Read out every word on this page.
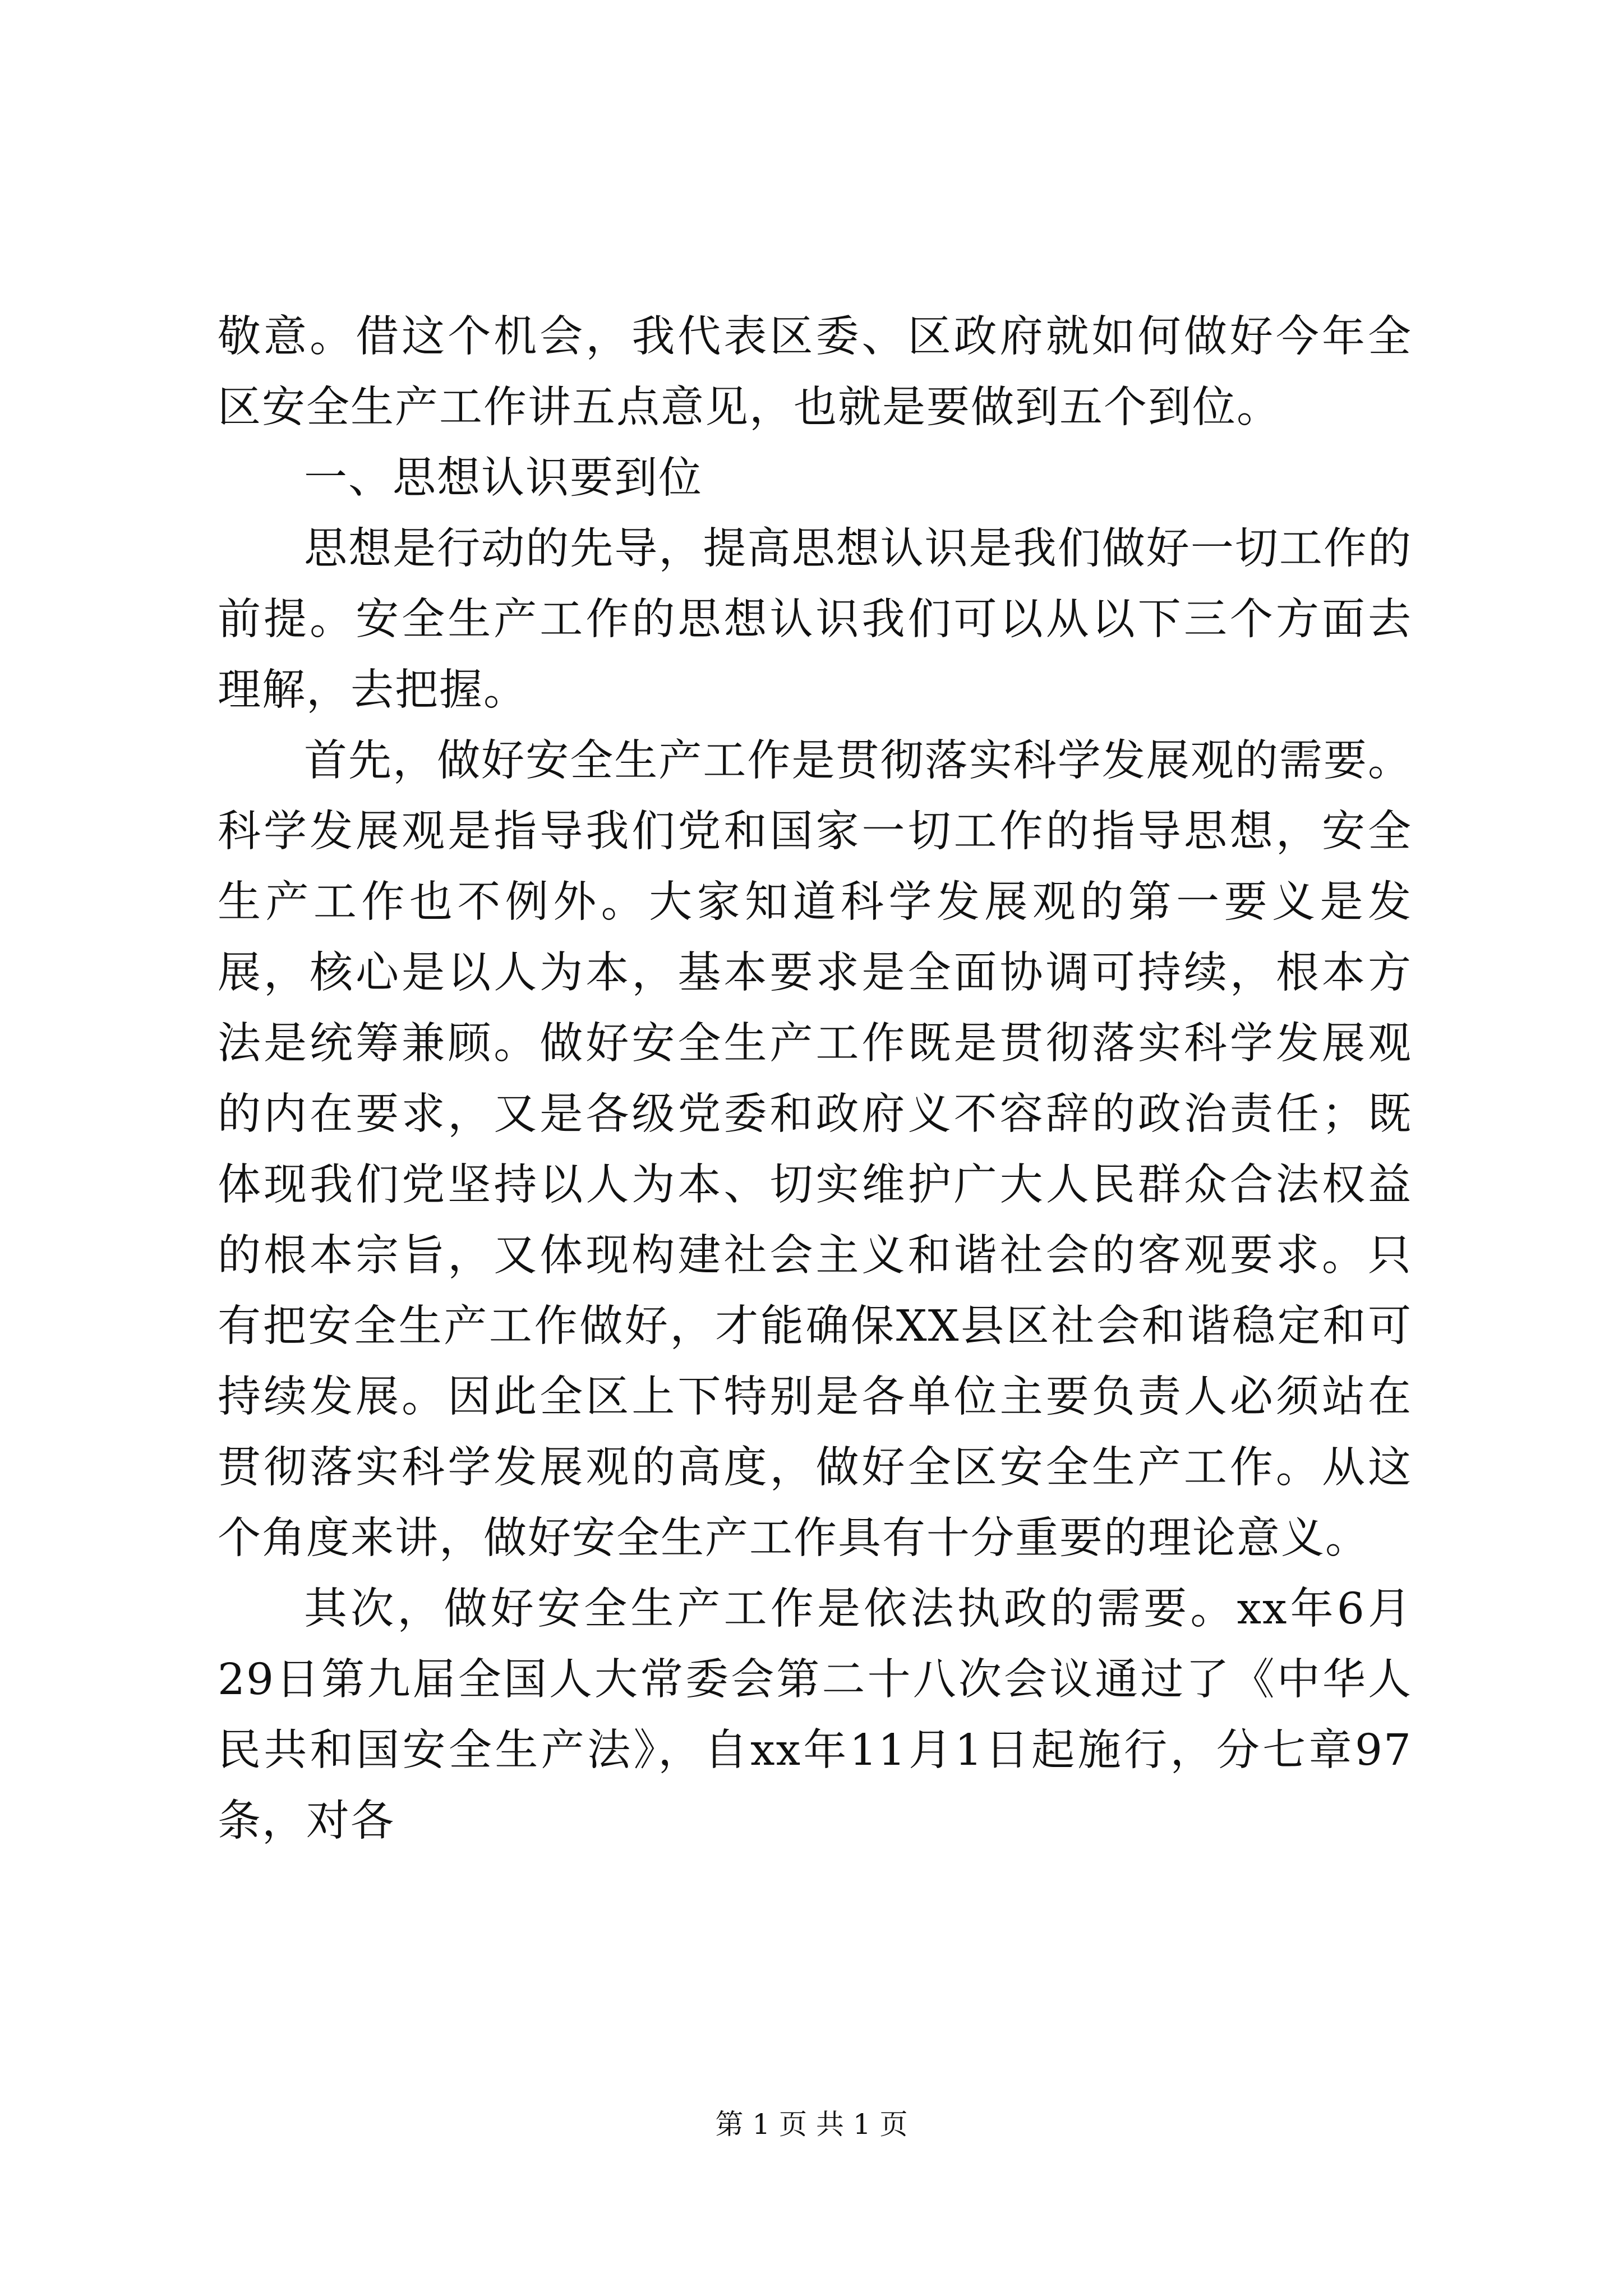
敬意。借这个机会，我代表区委、区政府就如何做好今年全区安全生产工作讲五点意见，也就是要做到五个到位。

一、思想认识要到位

思想是行动的先导，提高思想认识是我们做好一切工作的前提。安全生产工作的思想认识我们可以从以下三个方面去理解，去把握。

首先，做好安全生产工作是贯彻落实科学发展观的需要。科学发展观是指导我们党和国家一切工作的指导思想，安全生产工作也不例外。大家知道科学发展观的第一要义是发展，核心是以人为本，基本要求是全面协调可持续，根本方法是统筹兼顾。做好安全生产工作既是贯彻落实科学发展观的内在要求，又是各级党委和政府义不容辞的政治责任；既体现我们党坚持以人为本、切实维护广大人民群众合法权益的根本宗旨，又体现构建社会主义和谐社会的客观要求。只有把安全生产工作做好，才能确保XX县区社会和谐稳定和可持续发展。因此全区上下特别是各单位主要负责人必须站在贯彻落实科学发展观的高度，做好全区安全生产工作。从这个角度来讲，做好安全生产工作具有十分重要的理论意义。

其次，做好安全生产工作是依法执政的需要。xx年6月29日第九届全国人大常委会第二十八次会议通过了《中华人民共和国安全生产法》，自xx年11月1日起施行，分七章97条，对各

第 1 页 共 1 页
